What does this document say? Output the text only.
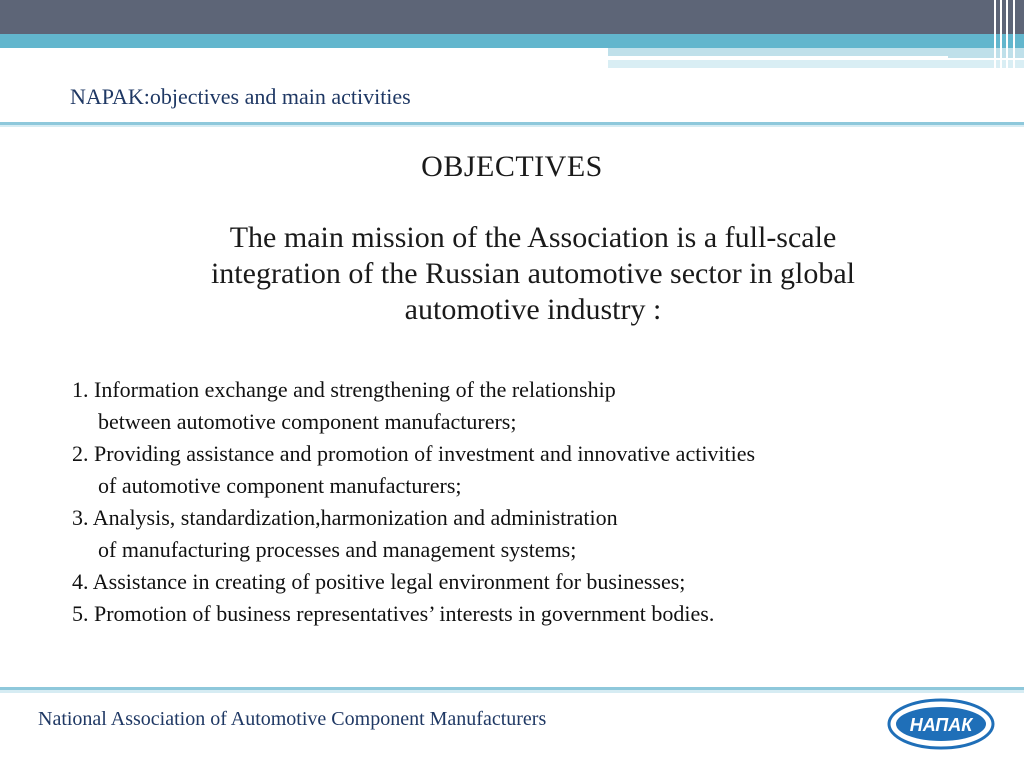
NAPAK:objectives and main activities
OBJECTIVES
The main mission of the Association is a full-scale
integration of the Russian automotive sector in global
automotive industry :
1. Information exchange and strengthening of the relationship
between automotive component manufacturers;
2. Providing assistance and promotion of investment and innovative activities
of automotive component manufacturers;
3. Analysis, standardization,harmonization and administration
of manufacturing processes and management systems;
4. Assistance in creating of positive legal environment for businesses;
5. Promotion of business representatives’ interests in government bodies.
National Association of Automotive Component Manufacturers	НАПАК
